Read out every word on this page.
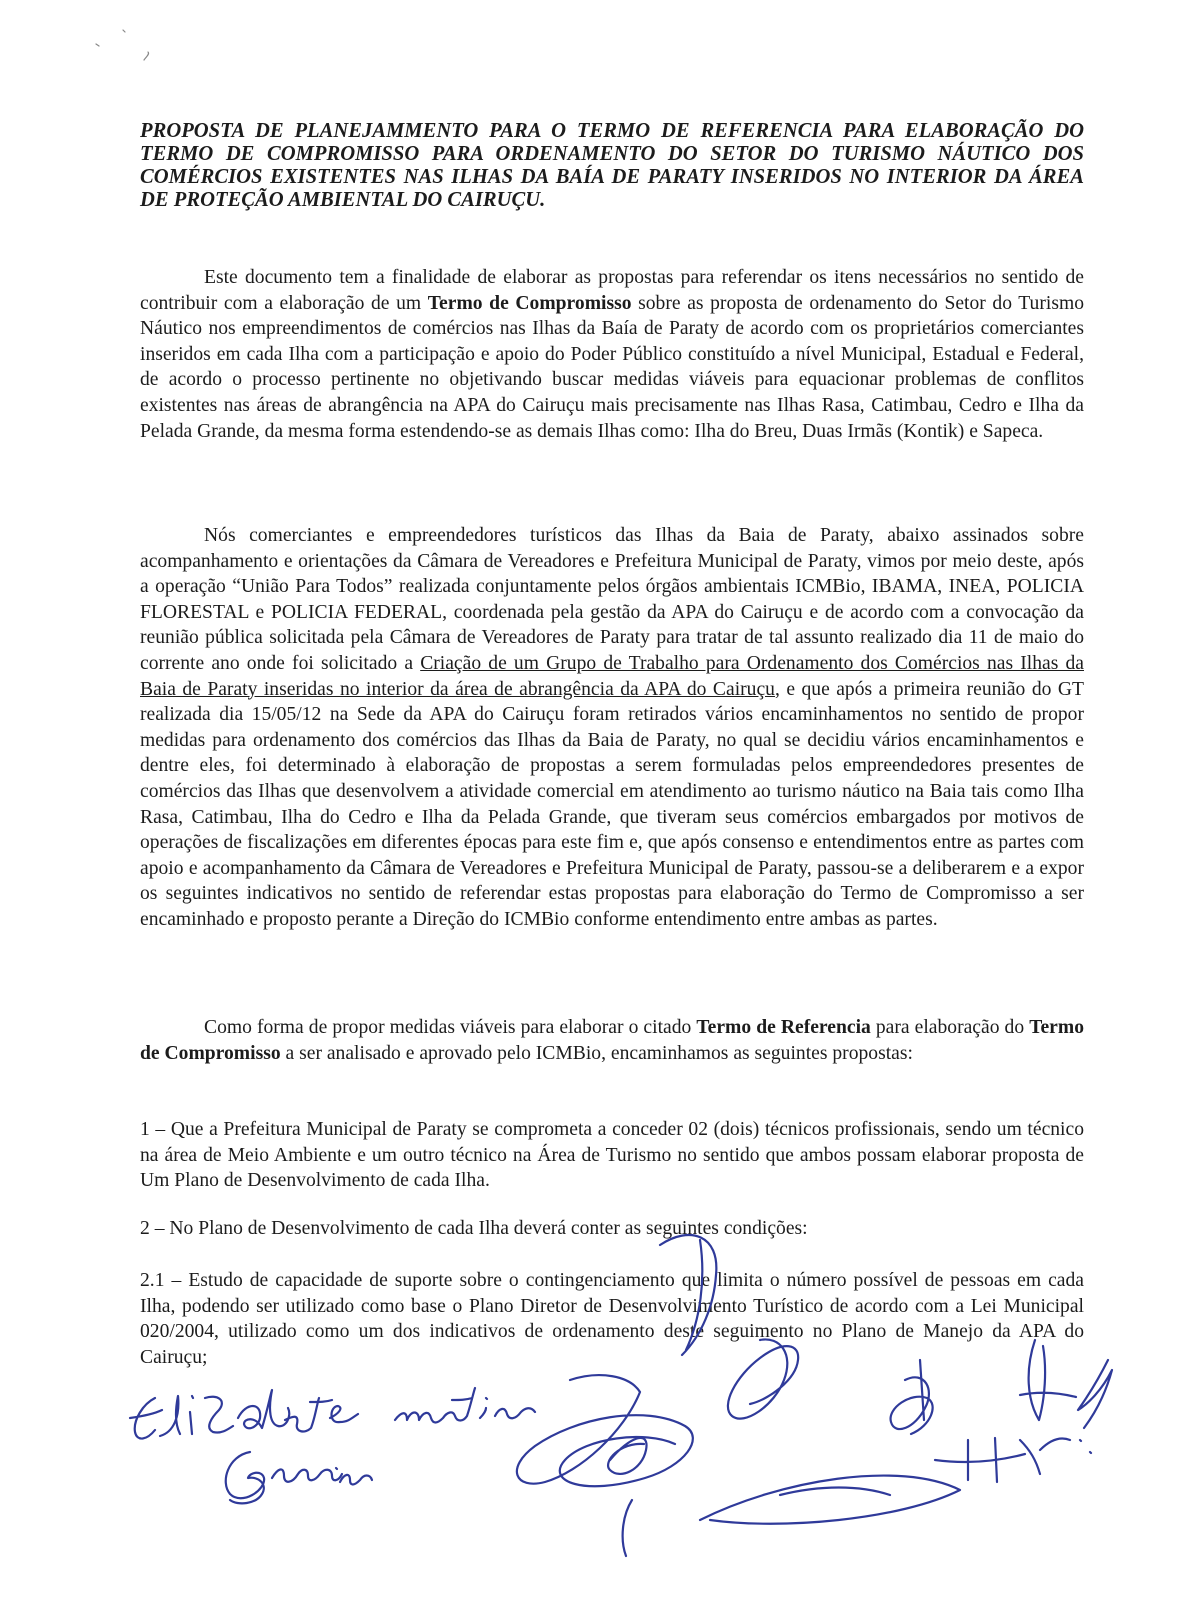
PROPOSTA DE PLANEJAMMENTO PARA O TERMO DE REFERENCIA PARA ELABORAÇÃO DO TERMO DE COMPROMISSO PARA ORDENAMENTO DO SETOR DO TURISMO NÁUTICO DOS COMÉRCIOS EXISTENTES NAS ILHAS DA BAÍA DE PARATY INSERIDOS NO INTERIOR DA ÁREA DE PROTEÇÃO AMBIENTAL DO CAIRUÇU.

Este documento tem a finalidade de elaborar as propostas para referendar os itens necessários no sentido de contribuir com a elaboração de um Termo de Compromisso sobre as proposta de ordenamento do Setor do Turismo Náutico nos empreendimentos de comércios nas Ilhas da Baía de Paraty de acordo com os proprietários comerciantes inseridos em cada Ilha com a participação e apoio do Poder Público constituído a nível Municipal, Estadual e Federal, de acordo o processo pertinente no objetivando buscar medidas viáveis para equacionar problemas de conflitos existentes nas áreas de abrangência na APA do Cairuçu mais precisamente nas Ilhas Rasa, Catimbau, Cedro e Ilha da Pelada Grande, da mesma forma estendendo-se as demais Ilhas como: Ilha do Breu, Duas Irmãs (Kontik) e Sapeca.

Nós comerciantes e empreendedores turísticos das Ilhas da Baia de Paraty, abaixo assinados sobre acompanhamento e orientações da Câmara de Vereadores e Prefeitura Municipal de Paraty, vimos por meio deste, após a operação “União Para Todos” realizada conjuntamente pelos órgãos ambientais ICMBio, IBAMA, INEA, POLICIA FLORESTAL e POLICIA FEDERAL, coordenada pela gestão da APA do Cairuçu e de acordo com a convocação da reunião pública solicitada pela Câmara de Vereadores de Paraty para tratar de tal assunto realizado dia 11 de maio do corrente ano onde foi solicitado a Criação de um Grupo de Trabalho para Ordenamento dos Comércios nas Ilhas da Baia de Paraty inseridas no interior da área de abrangência da APA do Cairuçu, e que após a primeira reunião do GT realizada dia 15/05/12 na Sede da APA do Cairuçu foram retirados vários encaminhamentos no sentido de propor medidas para ordenamento dos comércios das Ilhas da Baia de Paraty, no qual se decidiu vários encaminhamentos e dentre eles, foi determinado à elaboração de propostas a serem formuladas pelos empreendedores presentes de comércios das Ilhas que desenvolvem a atividade comercial em atendimento ao turismo náutico na Baia tais como Ilha Rasa, Catimbau, Ilha do Cedro e Ilha da Pelada Grande, que tiveram seus comércios embargados por motivos de operações de fiscalizações em diferentes épocas para este fim e, que após consenso e entendimentos entre as partes com apoio e acompanhamento da Câmara de Vereadores e Prefeitura Municipal de Paraty, passou-se a deliberarem e a expor os seguintes indicativos no sentido de referendar estas propostas para elaboração do Termo de Compromisso a ser encaminhado e proposto perante a Direção do ICMBio conforme entendimento entre ambas as partes.

Como forma de propor medidas viáveis para elaborar o citado Termo de Referencia para elaboração do Termo de Compromisso a ser analisado e aprovado pelo ICMBio, encaminhamos as seguintes propostas:

1 – Que a Prefeitura Municipal de Paraty se comprometa a conceder 02 (dois) técnicos profissionais, sendo um técnico na área de Meio Ambiente e um outro técnico na Área de Turismo no sentido que ambos possam elaborar proposta de Um Plano de Desenvolvimento de cada Ilha.

2 – No Plano de Desenvolvimento de cada Ilha deverá conter as seguintes condições:

2.1 – Estudo de capacidade de suporte sobre o contingenciamento que limita o número possível de pessoas em cada Ilha, podendo ser utilizado como base o Plano Diretor de Desenvolvimento Turístico de acordo com a Lei Municipal 020/2004, utilizado como um dos indicativos de ordenamento deste seguimento no Plano de Manejo da APA do Cairuçu;
